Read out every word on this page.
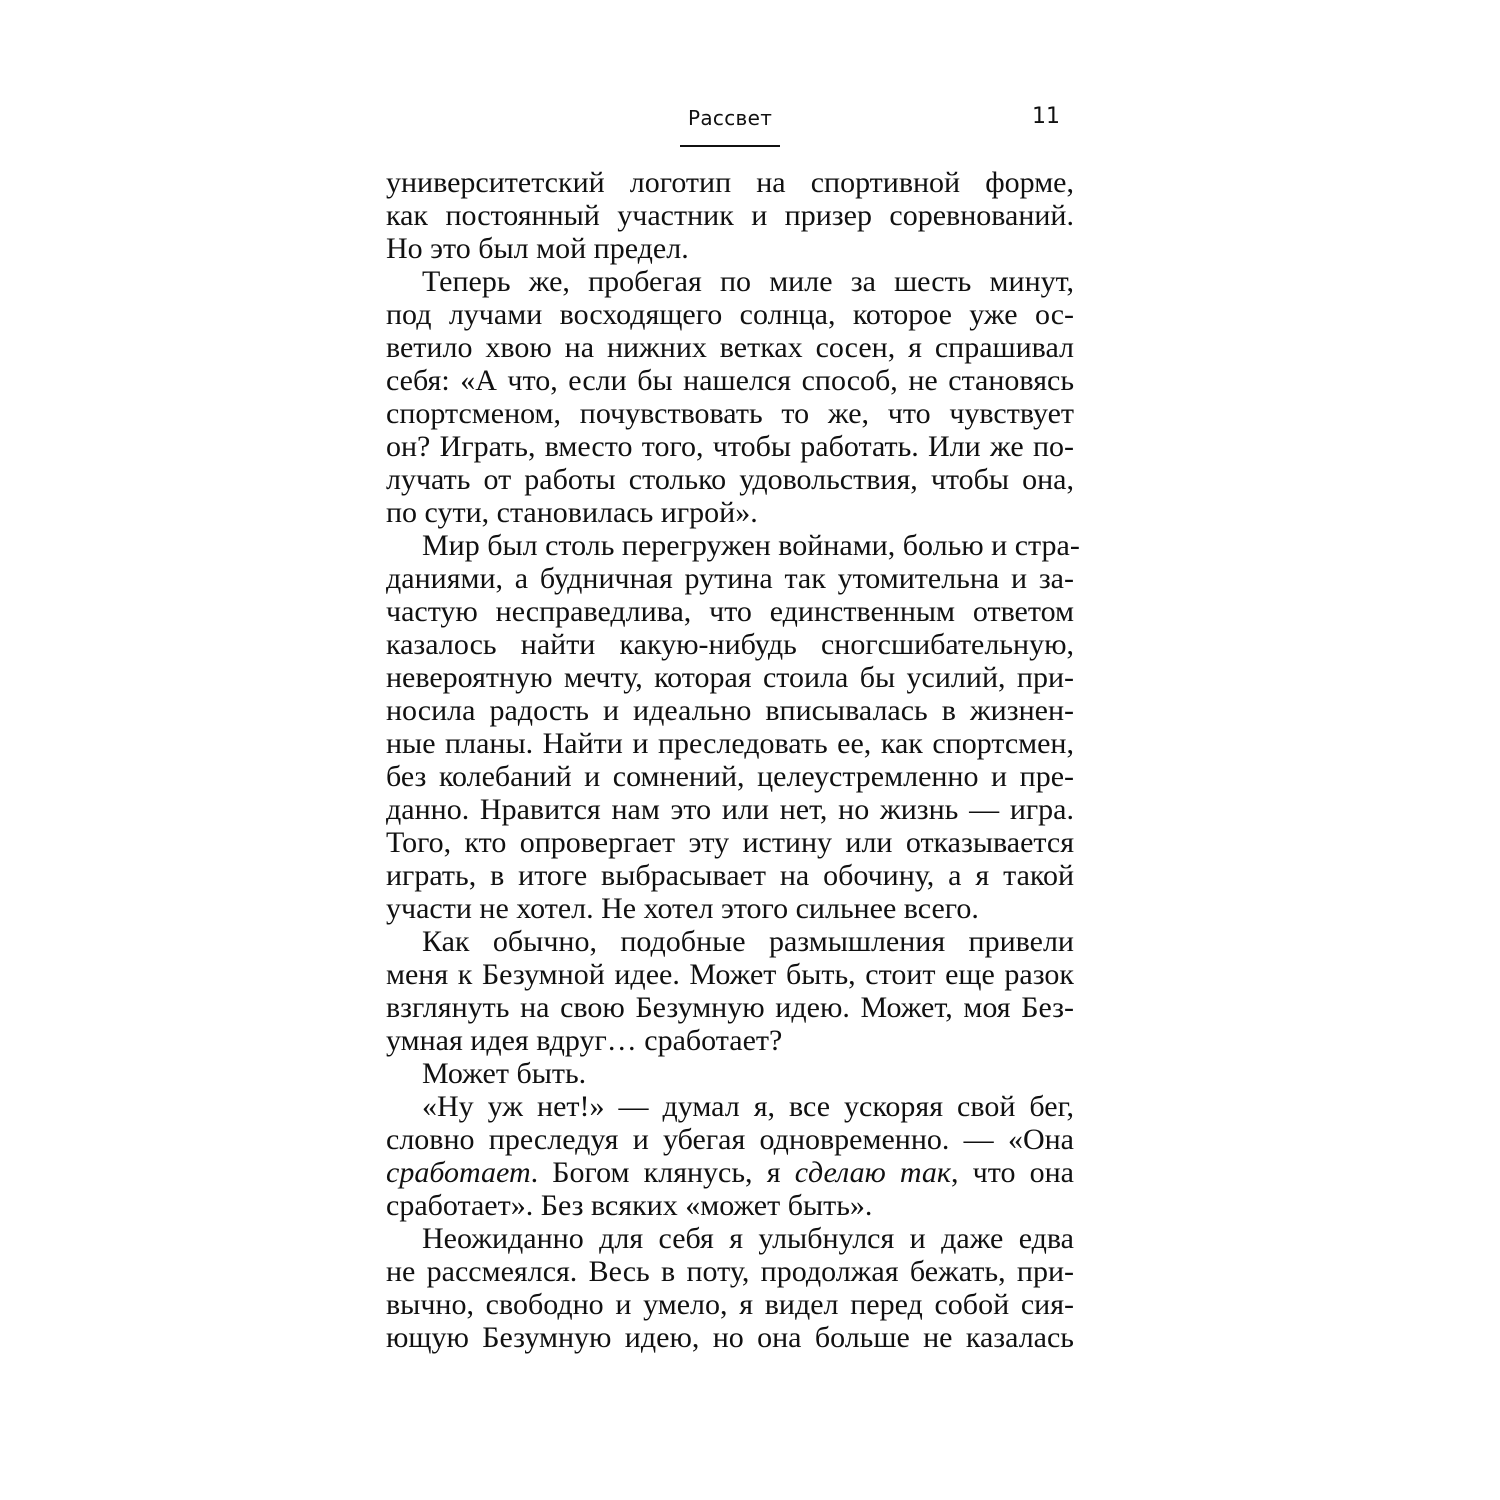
Рассвет	11
университетский логотип на спортивной форме,
как постоянный участник и призер соревнований.
Но это был мой предел.
Теперь же, пробегая по миле за шесть минут,
под лучами восходящего солнца, которое уже ос-
ветило хвою на нижних ветках сосен, я спрашивал
себя: «А что, если бы нашелся способ, не становясь
спортсменом, почувствовать то же, что чувствует
он? Играть, вместо того, чтобы работать. Или же по-
лучать от работы столько удовольствия, чтобы она,
по сути, становилась игрой».
Мир был столь перегружен войнами, болью и стра-
даниями, а будничная рутина так утомительна и за-
частую несправедлива, что единственным ответом
казалось найти какую-нибудь сногсшибательную,
невероятную мечту, которая стоила бы усилий, при-
носила радость и идеально вписывалась в жизнен-
ные планы. Найти и преследовать ее, как спортсмен,
без колебаний и сомнений, целеустремленно и пре-
данно. Нравится нам это или нет, но жизнь — игра.
Того, кто опровергает эту истину или отказывается
играть, в итоге выбрасывает на обочину, а я такой
участи не хотел. Не хотел этого сильнее всего.
Как обычно, подобные размышления привели
меня к Безумной идее. Может быть, стоит еще разок
взглянуть на свою Безумную идею. Может, моя Без-
умная идея вдруг… сработает?
Может быть.
«Ну уж нет!» — думал я, все ускоряя свой бег,
словно преследуя и убегая одновременно. — «Она
сработает. Богом клянусь, я сделаю так, что она
сработает». Без всяких «может быть».
Неожиданно для себя я улыбнулся и даже едва
не рассмеялся. Весь в поту, продолжая бежать, при-
вычно, свободно и умело, я видел перед собой сия-
ющую Безумную идею, но она больше не казалась
